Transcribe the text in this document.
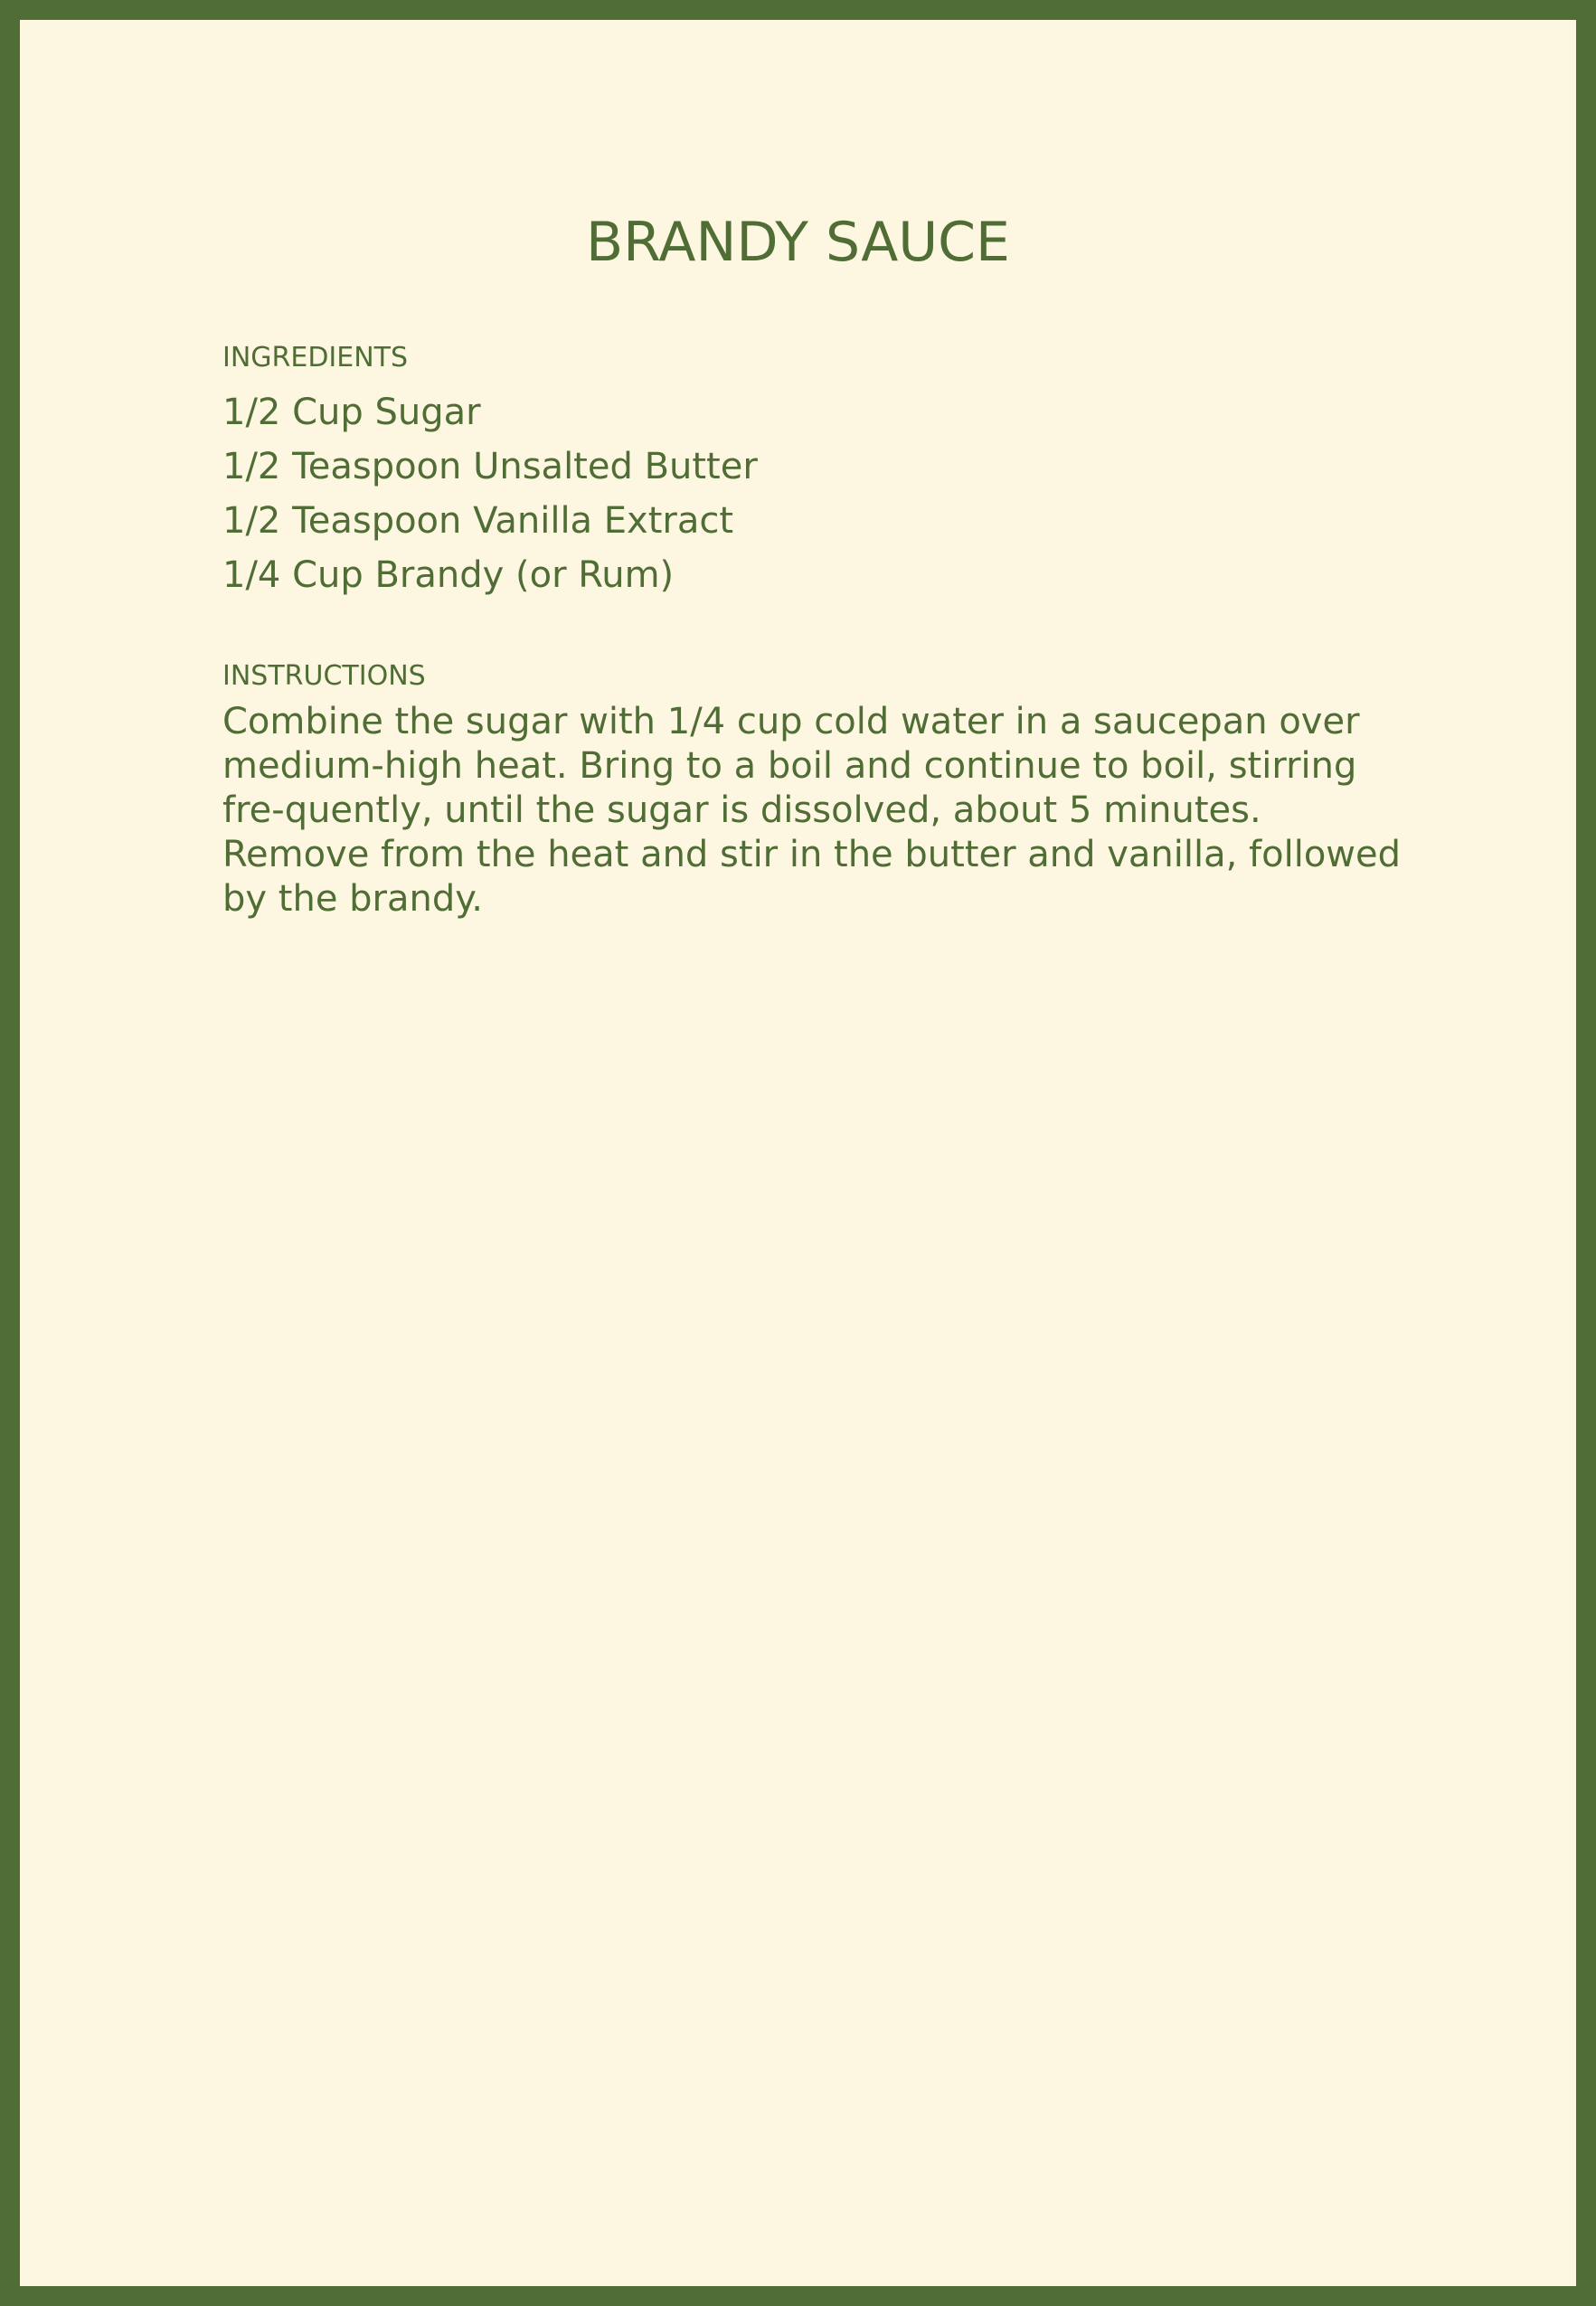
BRANDY SAUCE
INGREDIENTS
1/2 Cup Sugar
1/2 Teaspoon Unsalted Butter
1/2 Teaspoon Vanilla Extract
1/4 Cup Brandy (or Rum)
INSTRUCTIONS

Combine the sugar with 1/4 cup cold water in a saucepan over medium-high heat. Bring to a boil and continue to boil, stirring fre-quently, until the sugar is dissolved, about 5 minutes. Remove from the heat and stir in the butter and vanilla, followed by the brandy.
